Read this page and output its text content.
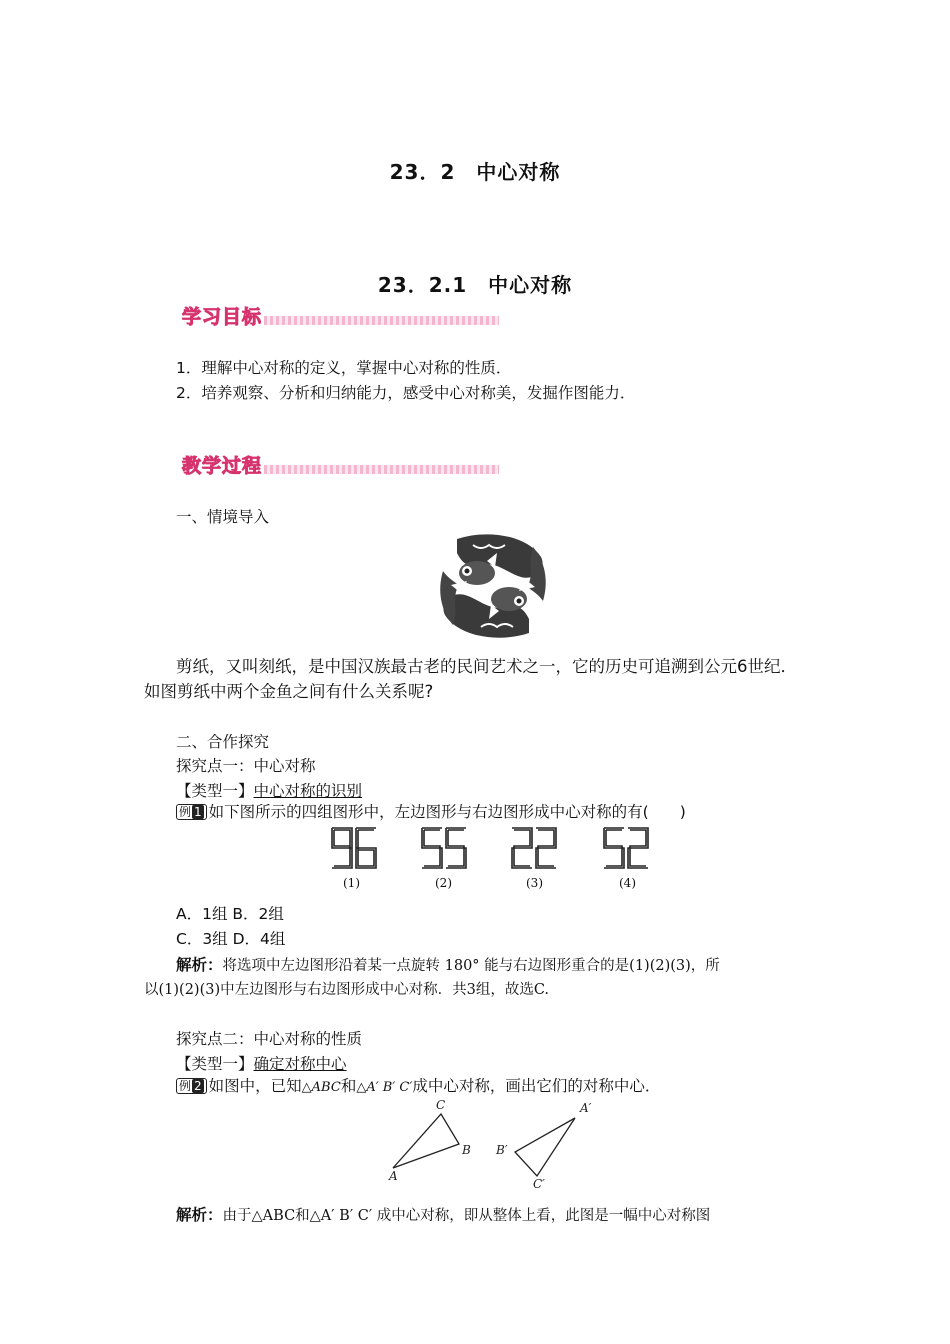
23．2　中心对称
23．2.1　中心对称
学习目标
1．理解中心对称的定义，掌握中心对称的性质．
2．培养观察、分析和归纳能力，感受中心对称美，发掘作图能力．
教学过程
一、情境导入
剪纸，又叫刻纸，是中国汉族最古老的民间艺术之一，它的历史可追溯到公元6世纪．
如图剪纸中两个金鱼之间有什么关系呢?
二、合作探究
探究点一：中心对称
【类型一】中心对称的识别
例 1 如下图所示的四组图形中，左边图形与右边图形成中心对称的有(　　)
(1)	(2)	(3)	(4)
A．1组 B．2组
C．3组 D．4组
解析：将选项中左边图形沿着某一点旋转 180° 能与右边图形重合的是(1)(2)(3)，所
以(1)(2)(3)中左边图形与右边图形成中心对称．共3组，故选C.
探究点二：中心对称的性质
【类型一】确定对称中心
例 2 如图中，已知△ABC和△A′ B′ C′成中心对称，画出它们的对称中心．
A
B
C	A′
B′
C′
解析：由于△ABC和△A′ B′ C′ 成中心对称，即从整体上看，此图是一幅中心对称图
